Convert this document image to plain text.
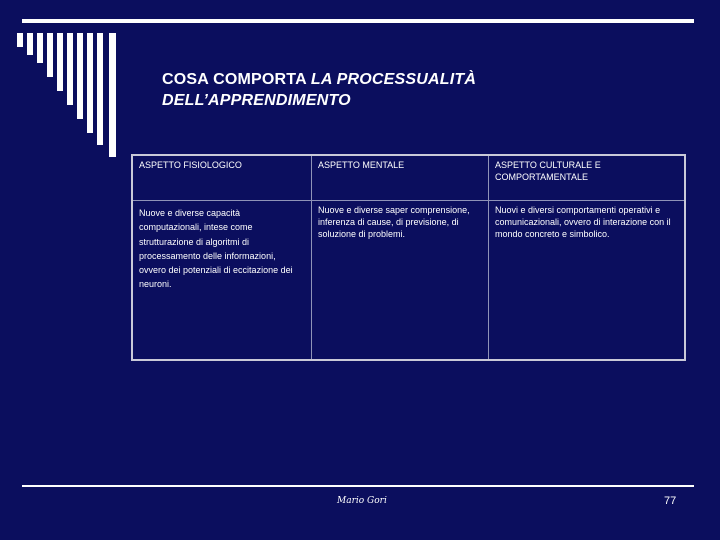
COSA COMPORTA LA PROCESSUALITÀ
DELL’APPRENDIMENTO
ASPETTO FISIOLOGICO	ASPETTO MENTALE	ASPETTO CULTURALE E COMPORTAMENTALE
Nuove e diverse capacità computazionali, intese come strutturazione di algoritmi di processamento delle informazioni, ovvero dei potenziali di eccitazione dei neuroni.	Nuove e diverse saper comprensione, inferenza di cause, di previsione, di soluzione di problemi.	Nuovi e diversi comportamenti operativi e comunicazionali, ovvero di interazione con il mondo concreto e simbolico.
Mario Gori	77
